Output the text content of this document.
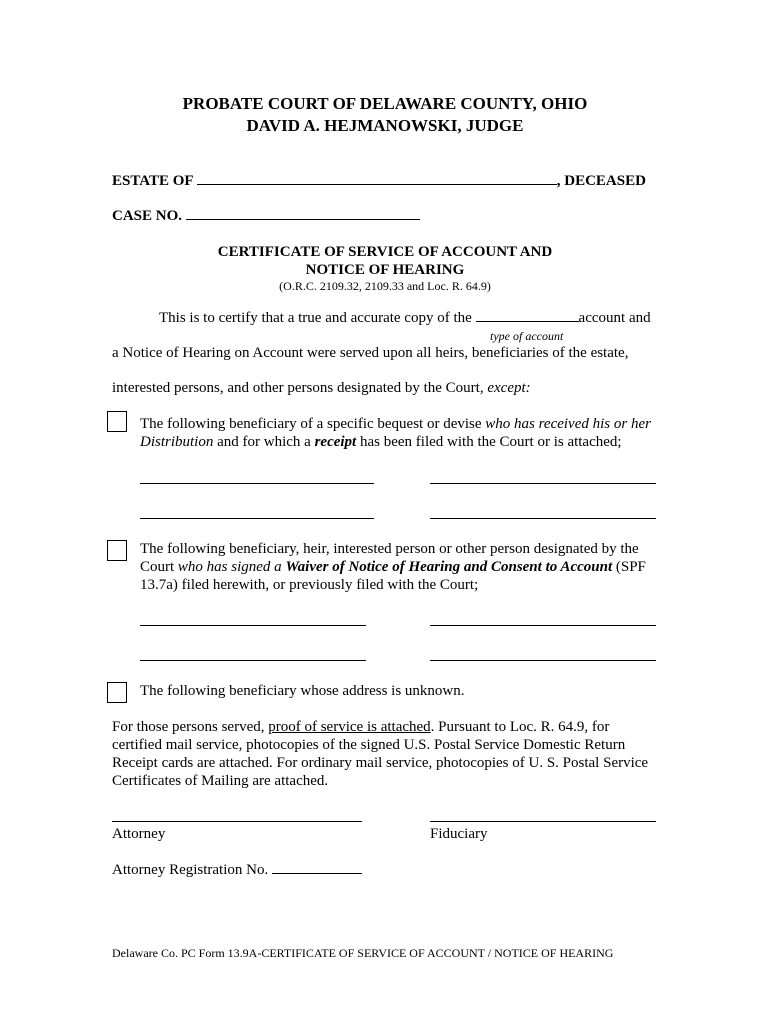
PROBATE COURT OF DELAWARE COUNTY, OHIO
DAVID A. HEJMANOWSKI, JUDGE
ESTATE OF	, DECEASED
CASE NO.
CERTIFICATE OF SERVICE OF ACCOUNT AND
NOTICE OF HEARING
(O.R.C. 2109.32, 2109.33 and Loc. R. 64.9)
This is to certify that a true and accurate copy of the	account and
type of account
a Notice of Hearing on Account were served upon all heirs, beneficiaries of the estate,
interested persons, and other persons designated by the Court, except:
The following beneficiary of a specific bequest or devise who has received his or her
Distribution and for which a receipt has been filed with the Court or is attached;
The following beneficiary, heir, interested person or other person designated by the
Court who has signed a Waiver of Notice of Hearing and Consent to Account (SPF
13.7a) filed herewith, or previously filed with the Court;
The following beneficiary whose address is unknown.
For those persons served, proof of service is attached. Pursuant to Loc. R. 64.9, for
certified mail service, photocopies of the signed U.S. Postal Service Domestic Return
Receipt cards are attached. For ordinary mail service, photocopies of U. S. Postal Service
Certificates of Mailing are attached.
Attorney	Fiduciary
Attorney Registration No.
Delaware Co. PC Form 13.9A-CERTIFICATE OF SERVICE OF ACCOUNT / NOTICE OF HEARING
